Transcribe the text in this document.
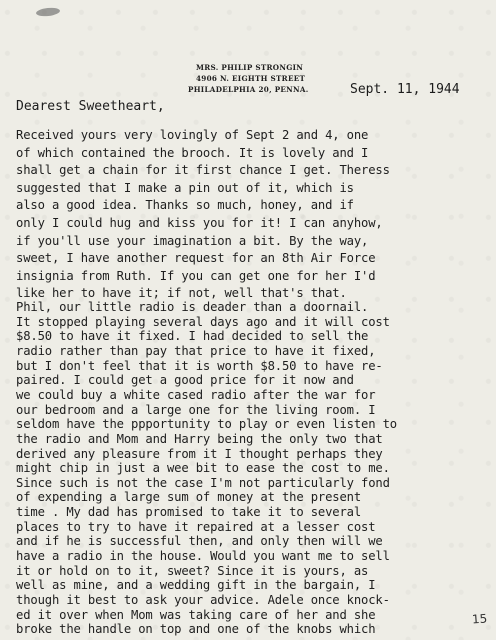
MRS. PHILIP STRONGIN
4906 N. EIGHTH STREET
PHILADELPHIA 20, PENNA.	Sept. 11, 1944
Dearest Sweetheart,
Received yours very lovingly of Sept 2 and 4, one
of which contained the brooch. It is lovely and I
shall get a chain for it first chance I get. Theress
suggested that I make a pin out of it, which is
also a good idea. Thanks so much, honey, and if
only I could hug and kiss you for it! I can anyhow,
if you'll use your imagination a bit. By the way,
sweet, I have another request for an 8th Air Force
insignia from Ruth. If you can get one for her I'd
like her to have it; if not, well that's that.
Phil, our little radio is deader than a doornail.
It stopped playing several days ago and it will cost
$8.50 to have it fixed. I had decided to sell the
radio rather than pay that price to have it fixed,
but I don't feel that it is worth $8.50 to have re-
paired. I could get a good price for it now and
we could buy a white cased radio after the war for
our bedroom and a large one for the living room. I
seldom have the ppportunity to play or even listen to
the radio and Mom and Harry being the only two that
derived any pleasure from it I thought perhaps they
might chip in just a wee bit to ease the cost to me.
Since such is not the case I'm not particularly fond
of expending a large sum of money at the present
time . My dad has promised to take it to several
places to try to have it repaired at a lesser cost
and if he is successful then, and only then will we
have a radio in the house. Would you want me to sell
it or hold on to it, sweet? Since it is yours, as
well as mine, and a wedding gift in the bargain, I
though it best to ask your advice. Adele once knock-
ed it over when Mom was taking care of her and she
broke the handle on top and one of the knobs which
15
